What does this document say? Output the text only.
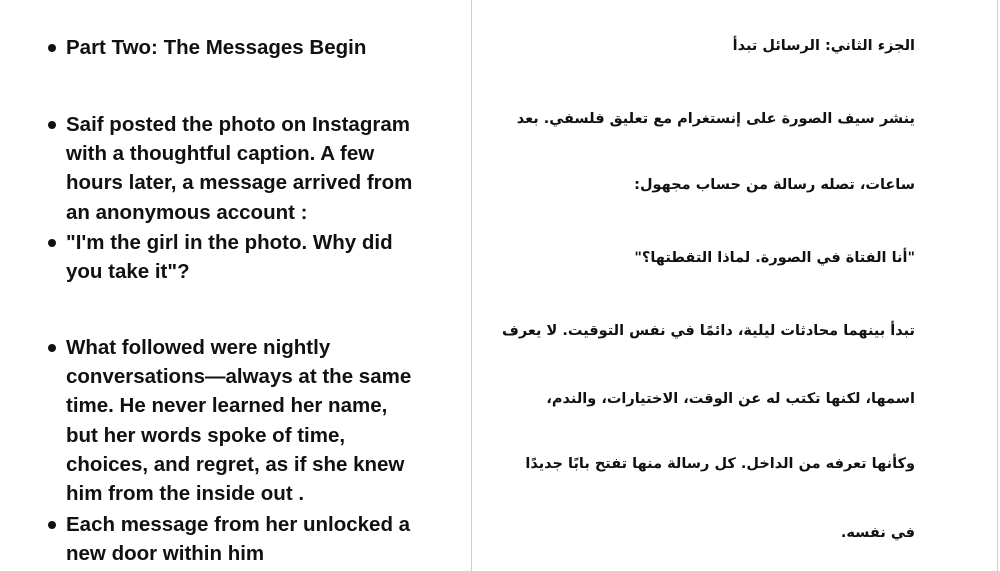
Part Two: The Messages Begin
Saif posted the photo on Instagram
with a thoughtful caption. A few
hours later, a message arrived from
an anonymous account :
"I'm the girl in the photo. Why did
you take it"?
What followed were nightly
conversations—always at the same
time. He never learned her name,
but her words spoke of time,
choices, and regret, as if she knew
him from the inside out .
Each message from her unlocked a
new door within him
الجزء الثاني: الرسائل تبدأ
ينشر سيف الصورة على إنستغرام مع تعليق فلسفي. بعد
ساعات، تصله رسالة من حساب مجهول:
"أنا الفتاة في الصورة. لماذا التقطتها؟"
تبدأ بينهما محادثات ليلية، دائمًا في نفس التوقيت. لا يعرف
اسمها، لكنها تكتب له عن الوقت، الاختيارات، والندم،
وكأنها تعرفه من الداخل. كل رسالة منها تفتح بابًا جديدًا
في نفسه.
